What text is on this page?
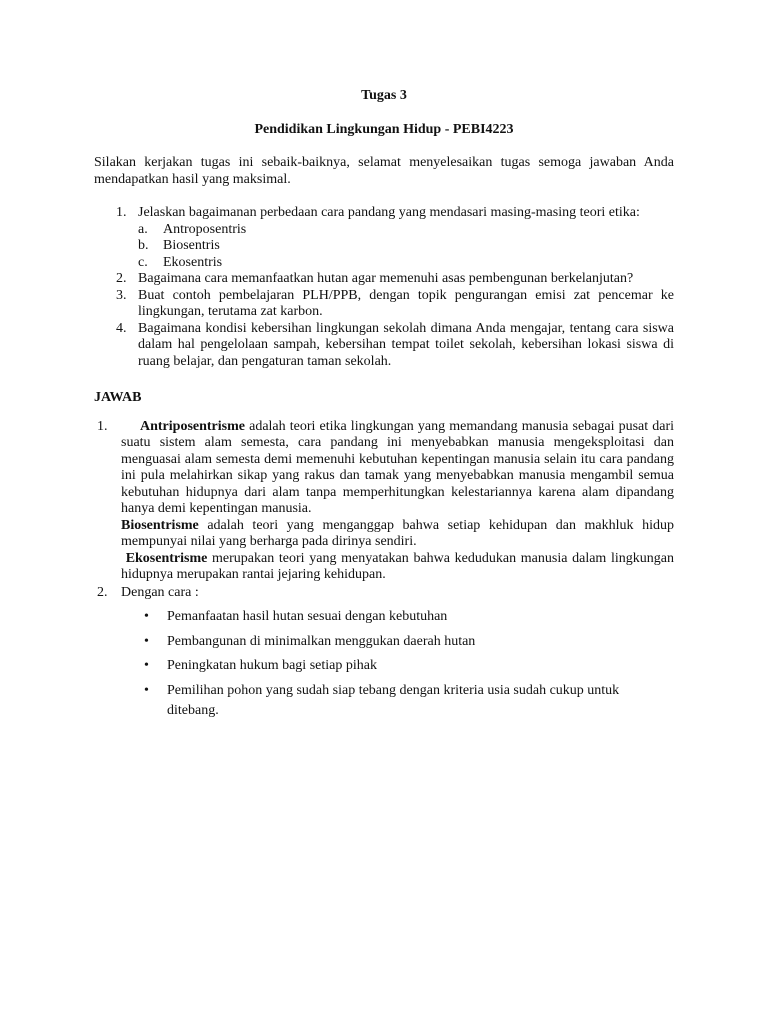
Tugas 3

Pendidikan Lingkungan Hidup - PEBI4223

Silakan kerjakan tugas ini sebaik-baiknya, selamat menyelesaikan tugas semoga jawaban Anda mendapatkan hasil yang maksimal.
1. Jelaskan bagaimanan perbedaan cara pandang yang mendasari masing-masing teori etika:
a. Antroposentris
b. Biosentris
c. Ekosentris
2. Bagaimana cara memanfaatkan hutan agar memenuhi asas pembengunan berkelanjutan?
3. Buat contoh pembelajaran PLH/PPB, dengan topik pengurangan emisi zat pencemar ke lingkungan, terutama zat karbon.
4. Bagaimana kondisi kebersihan lingkungan sekolah dimana Anda mengajar, tentang cara siswa dalam hal pengelolaan sampah, kebersihan tempat toilet sekolah, kebersihan lokasi siswa di ruang belajar, dan pengaturan taman sekolah.
JAWAB
1.	Antriposentrisme adalah teori etika lingkungan yang memandang manusia sebagai pusat dari suatu sistem alam semesta, cara pandang ini menyebabkan manusia mengeksploitasi dan menguasai alam semesta demi memenuhi kebutuhan kepentingan manusia selain itu cara pandang ini pula melahirkan sikap yang rakus dan tamak yang menyebabkan manusia mengambil semua kebutuhan hidupnya dari alam tanpa memperhitungkan kelestariannya karena alam dipandang hanya demi kepentingan manusia.
Biosentrisme adalah teori yang menganggap bahwa setiap kehidupan dan makhluk hidup mempunyai nilai yang berharga pada dirinya sendiri.
Ekosentrisme merupakan teori yang menyatakan bahwa kedudukan manusia dalam lingkungan hidupnya merupakan rantai jejaring kehidupan.
2. Dengan cara :
• Pemanfaatan hasil hutan sesuai dengan kebutuhan
• Pembangunan di minimalkan menggukan daerah hutan
• Peningkatan hukum bagi setiap pihak
• Pemilihan pohon yang sudah siap tebang dengan kriteria usia sudah cukup untuk ditebang.
